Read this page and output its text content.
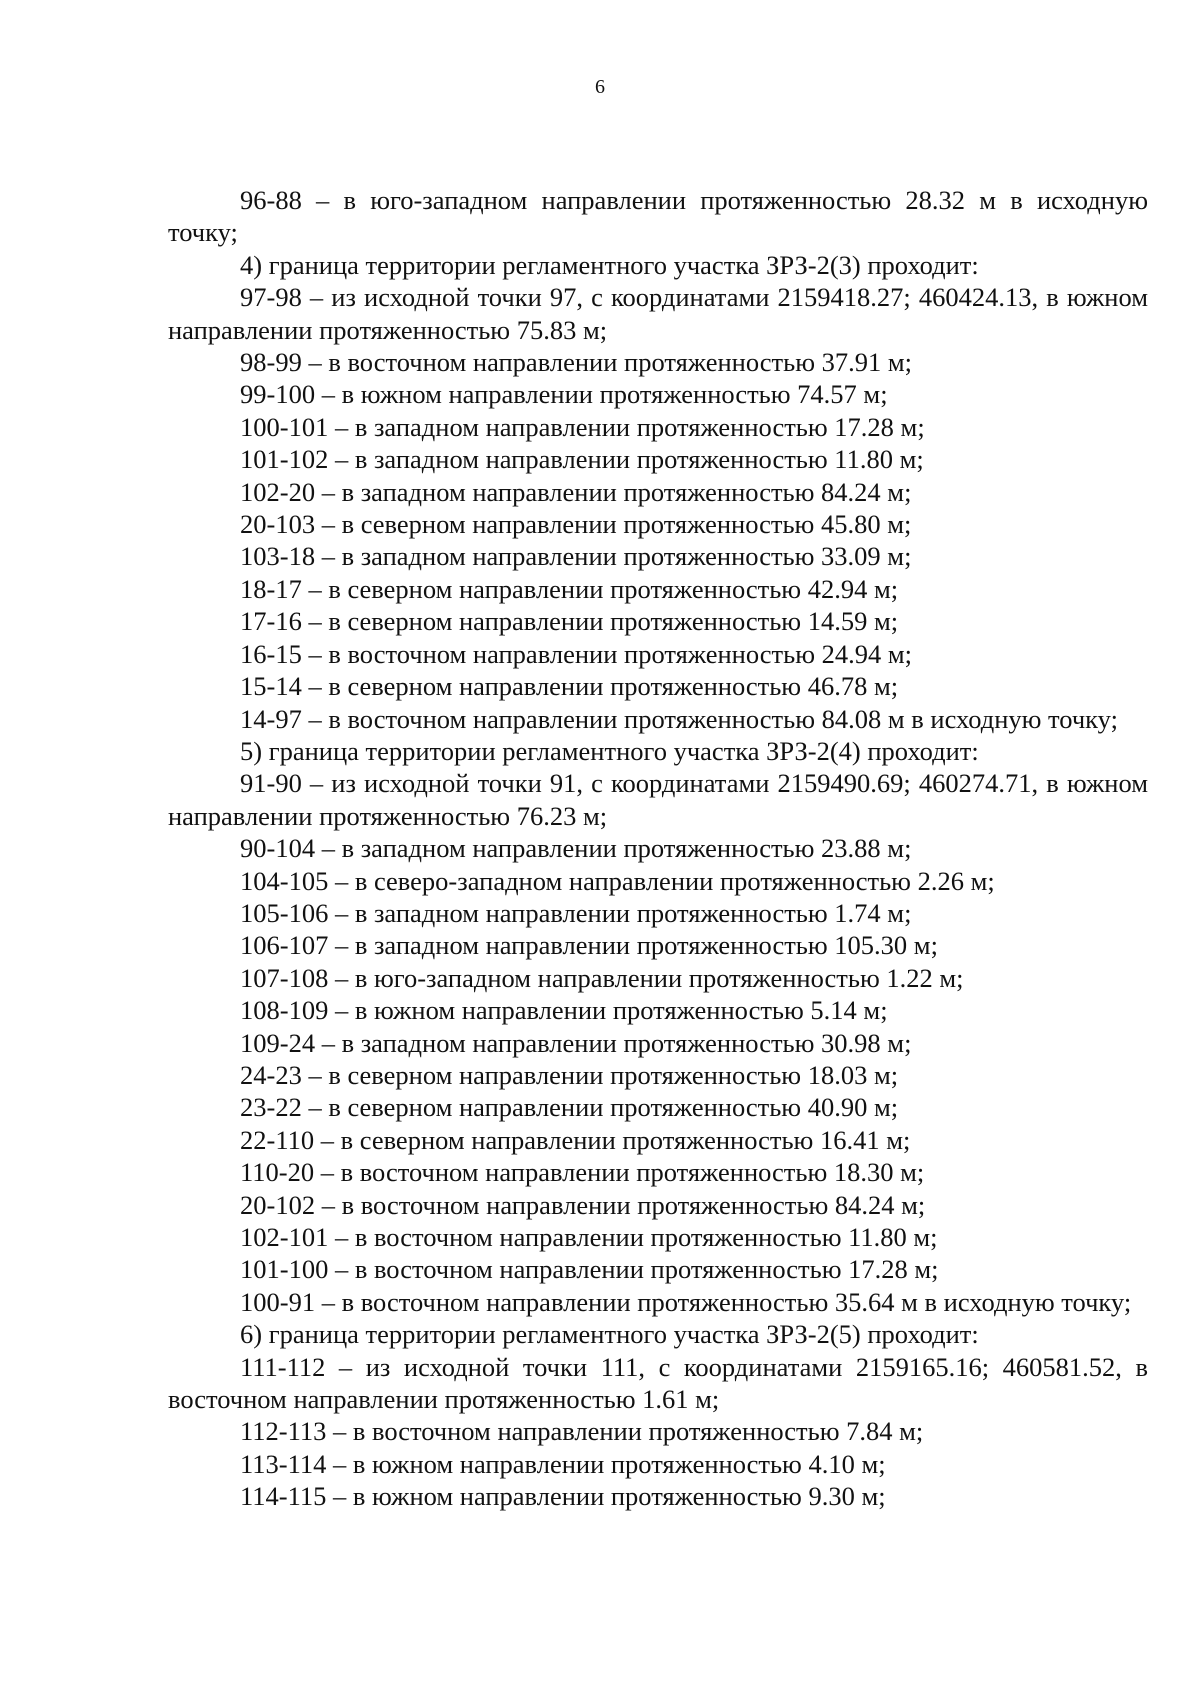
6

96-88 – в юго-западном направлении протяженностью 28.32 м в исходную точку;

4) граница территории регламентного участка ЗРЗ-2(3) проходит:

97-98 – из исходной точки 97, с координатами 2159418.27; 460424.13, в южном направлении протяженностью 75.83 м;

98-99 – в восточном направлении протяженностью 37.91 м;

99-100 – в южном направлении протяженностью 74.57 м;

100-101 – в западном направлении протяженностью 17.28 м;

101-102 – в западном направлении протяженностью 11.80 м;

102-20 – в западном направлении протяженностью 84.24 м;

20-103 – в северном направлении протяженностью 45.80 м;

103-18 – в западном направлении протяженностью 33.09 м;

18-17 – в северном направлении протяженностью 42.94 м;

17-16 – в северном направлении протяженностью 14.59 м;

16-15 – в восточном направлении протяженностью 24.94 м;

15-14 – в северном направлении протяженностью 46.78 м;

14-97 – в восточном направлении протяженностью 84.08 м в исходную точку;

5) граница территории регламентного участка ЗРЗ-2(4) проходит:

91-90 – из исходной точки 91, с координатами 2159490.69; 460274.71, в южном направлении протяженностью 76.23 м;

90-104 – в западном направлении протяженностью 23.88 м;

104-105 – в северо-западном направлении протяженностью 2.26 м;

105-106 – в западном направлении протяженностью 1.74 м;

106-107 – в западном направлении протяженностью 105.30 м;

107-108 – в юго-западном направлении протяженностью 1.22 м;

108-109 – в южном направлении протяженностью 5.14 м;

109-24 – в западном направлении протяженностью 30.98 м;

24-23 – в северном направлении протяженностью 18.03 м;

23-22 – в северном направлении протяженностью 40.90 м;

22-110 – в северном направлении протяженностью 16.41 м;

110-20 – в восточном направлении протяженностью 18.30 м;

20-102 – в восточном направлении протяженностью 84.24 м;

102-101 – в восточном направлении протяженностью 11.80 м;

101-100 – в восточном направлении протяженностью 17.28 м;

100-91 – в восточном направлении протяженностью 35.64 м в исходную точку;

6) граница территории регламентного участка ЗРЗ-2(5) проходит:

111-112 – из исходной точки 111, с координатами 2159165.16; 460581.52, в восточном направлении протяженностью 1.61 м;

112-113 – в восточном направлении протяженностью 7.84 м;

113-114 – в южном направлении протяженностью 4.10 м;

114-115 – в южном направлении протяженностью 9.30 м;
